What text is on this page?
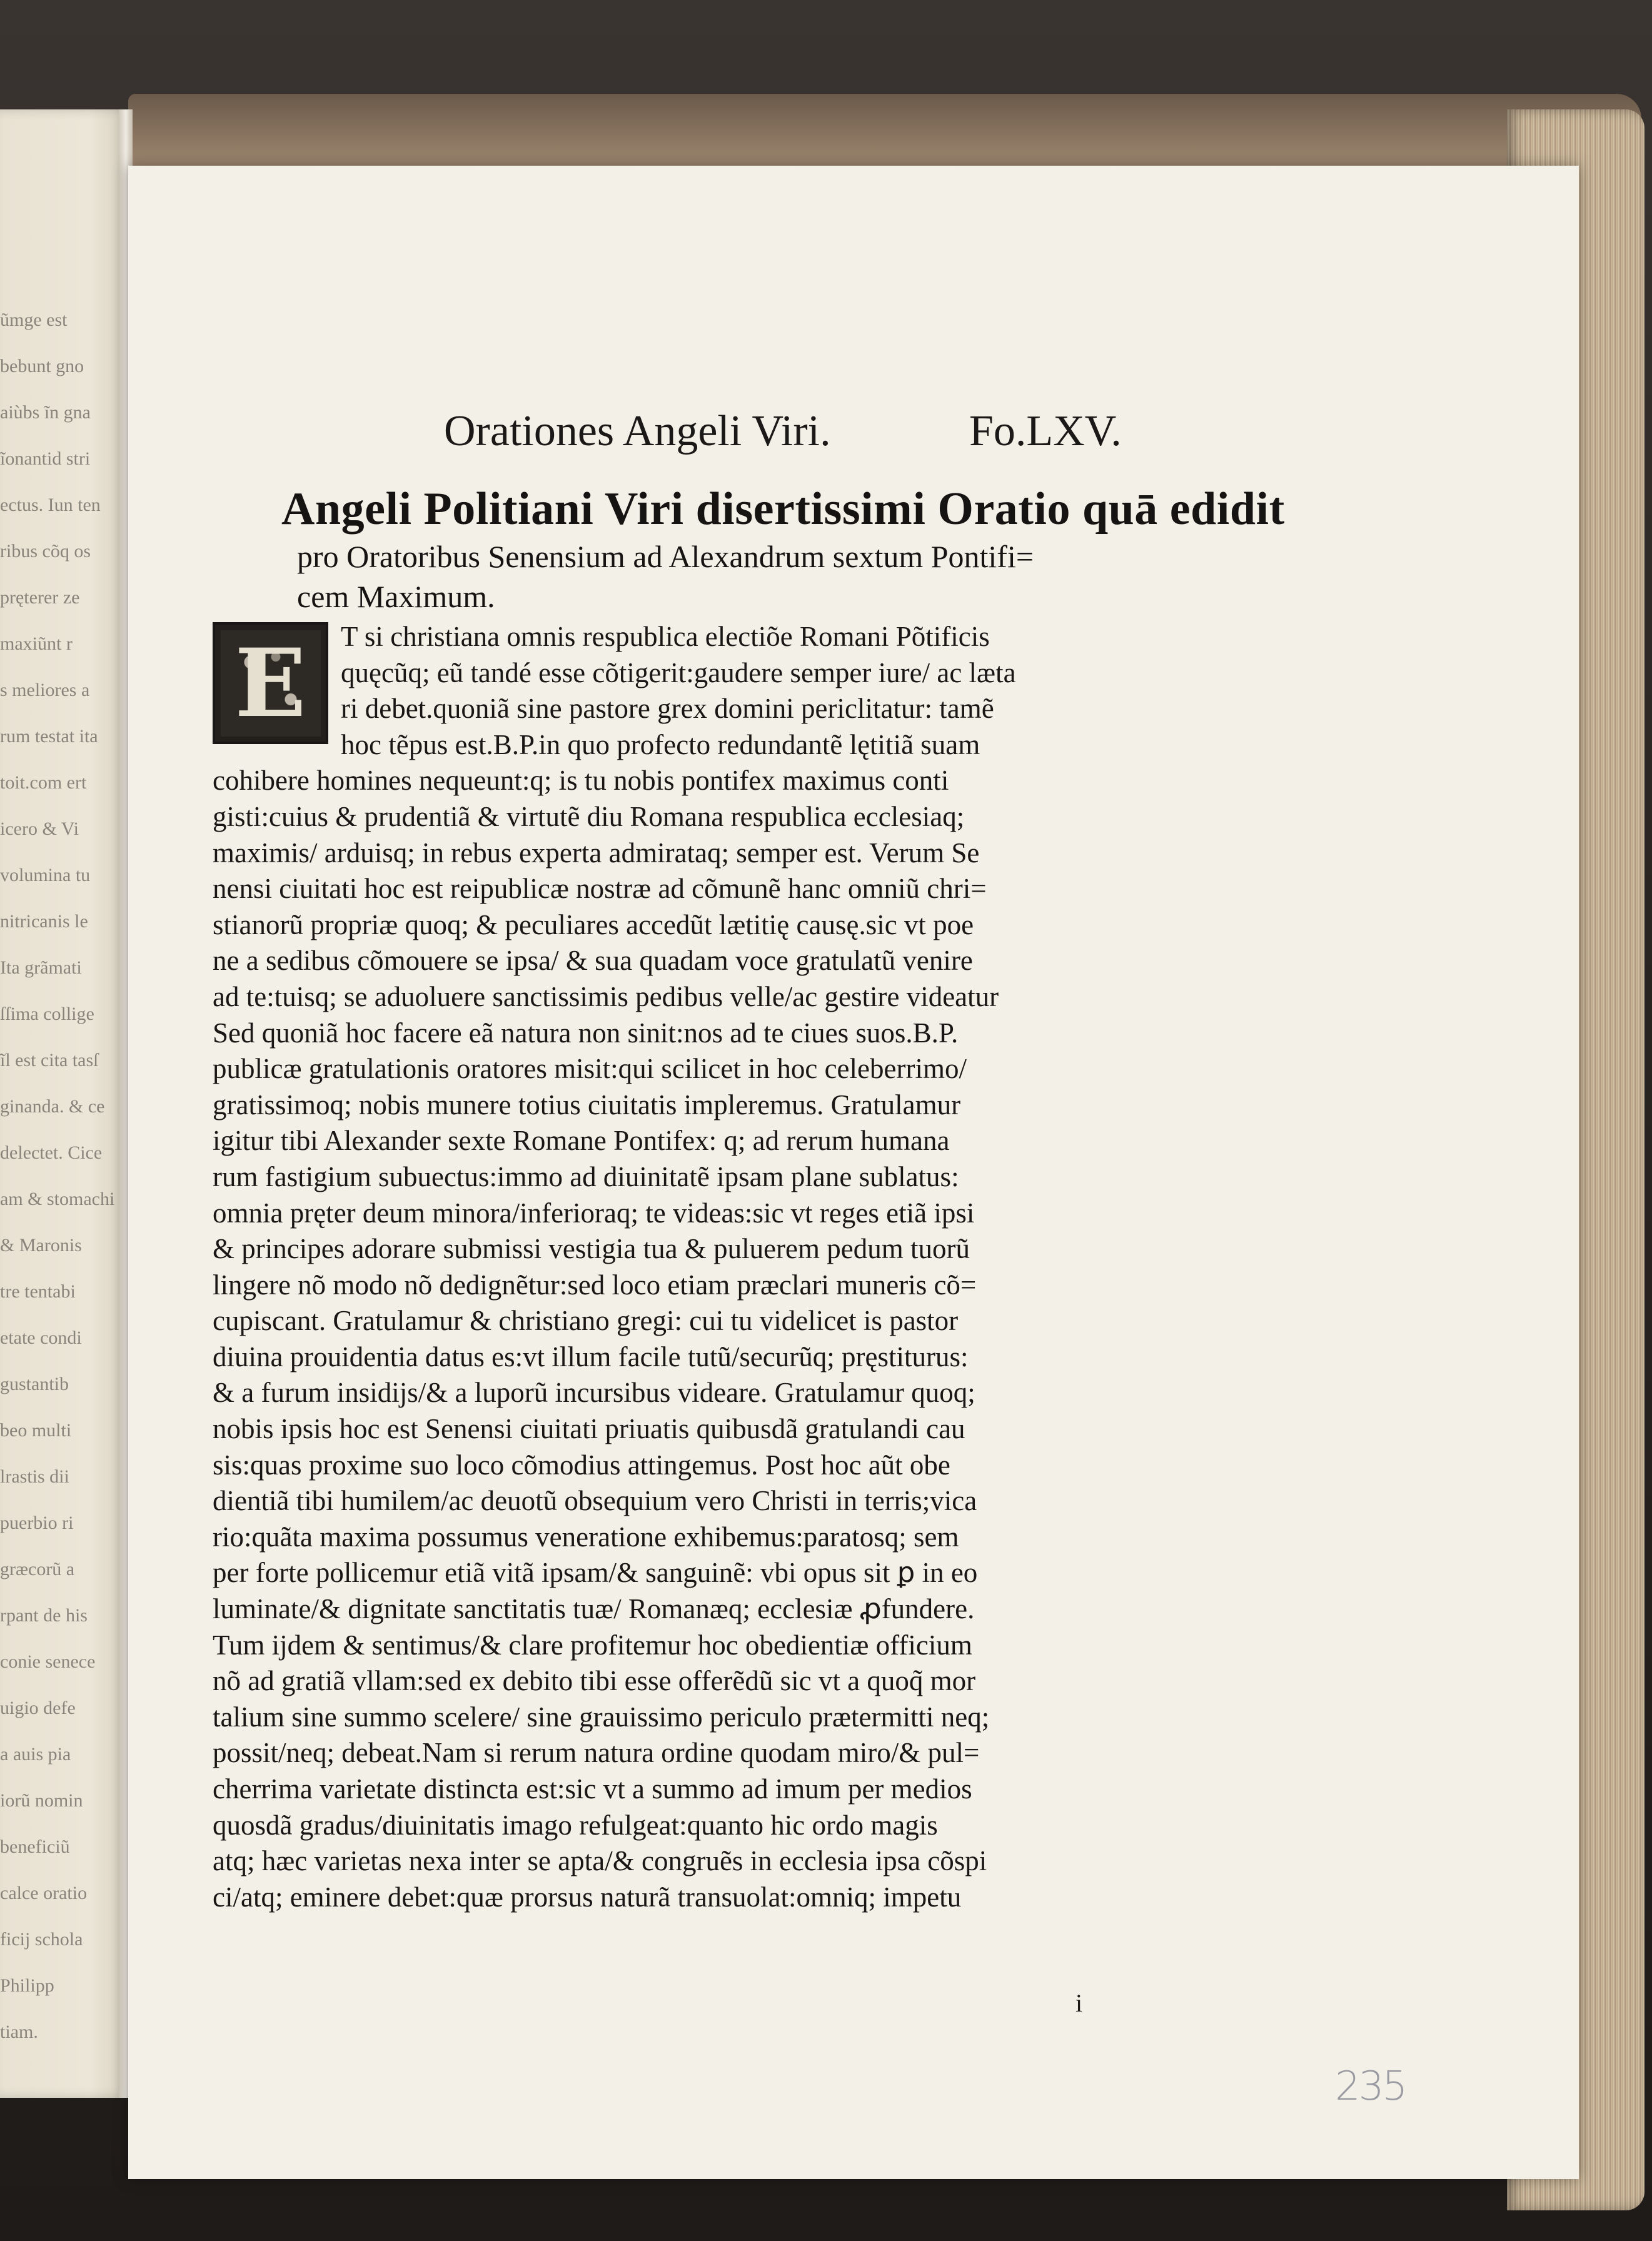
ũmge est
bebunt gno
aiùbs ĩn gna
ĩonantid stri
ectus. Iun ten
ribus cõq os
pręterer ze
maxiũnt r
s meliores a
rum testat ita
toit.com ert
icero & Vi
volumina tu
nitricanis le
Ita grãmati
ſſima collige
ĩl est cita tasſ
ginanda. & ce
delectet. Cice
am & stomachi
& Maronis
tre tentabi
etate condi
gustantib
beo multi
lrastis dii
puerbio ri
græcorũ a
rpant de his
conie senece
uigio defe
a auis pia
iorũ nomin
beneficiũ
calce oratio
ficij schola
Philipp
tiam.
Orationes Angeli Viri.	Fo.LXV.
Angeli Politiani Viri disertissimi Oratio quā edidit
pro Oratoribus Senensium ad Alexandrum sextum Pontifi=
cem Maximum.
E	T si christiana omnis respublica electiõe Romani Põtificis
quęcũq; eũ tandé esse cõtigerit:gaudere semper iure/ ac læta
ri debet.quoniã sine pastore grex domini periclitatur: tamẽ
hoc tẽpus est.B.P.in quo profecto redundantẽ lętitiã suam
cohibere homines nequeunt:q; is tu nobis pontifex maximus conti
gisti:cuius & prudentiã & virtutẽ diu Romana respublica ecclesiaq;
maximis/ arduisq; in rebus experta admirataq; semper est. Verum Se
nensi ciuitati hoc est reipublicæ nostræ ad cõmunẽ hanc omniũ chri=
stianorũ propriæ quoq; & peculiares accedũt lætitię causę.sic vt poe
ne a sedibus cõmouere se ipsa/ & sua quadam voce gratulatũ venire
ad te:tuisq; se aduoluere sanctissimis pedibus velle/ac gestire videatur
Sed quoniã hoc facere eã natura non sinit:nos ad te ciues suos.B.P.
publicæ gratulationis oratores misit:qui scilicet in hoc celeberrimo/
gratissimoq; nobis munere totius ciuitatis impleremus. Gratulamur
igitur tibi Alexander sexte Romane Pontifex: q; ad rerum humana
rum fastigium subuectus:immo ad diuinitatẽ ipsam plane sublatus:
omnia pręter deum minora/inferioraq; te videas:sic vt reges etiã ipsi
& principes adorare submissi vestigia tua & puluerem pedum tuorũ
lingere nõ modo nõ dedignẽtur:sed loco etiam præclari muneris cõ=
cupiscant. Gratulamur & christiano gregi: cui tu videlicet is pastor
diuina prouidentia datus es:vt illum facile tutũ/securũq; pręstiturus:
& a furum insidijs/& a luporũ incursibus videare. Gratulamur quoq;
nobis ipsis hoc est Senensi ciuitati priuatis quibusdã gratulandi cau
sis:quas proxime suo loco cõmodius attingemus. Post hoc aũt obe
dientiã tibi humilem/ac deuotũ obsequium vero Christi in terris;vica
rio:quãta maxima possumus veneratione exhibemus:paratosq; sem
per forte pollicemur etiã vitã ipsam/& sanguinẽ: vbi opus sit ꝑ in eo
luminate/& dignitate sanctitatis tuæ/ Romanæq; ecclesiæ ꝓfundere.
Tum ijdem & sentimus/& clare profitemur hoc obedientiæ officium
nõ ad gratiã vllam:sed ex debito tibi esse offerẽdũ sic vt a quoq̃ mor
talium sine summo scelere/ sine grauissimo periculo prætermitti neq;
possit/neq; debeat.Nam si rerum natura ordine quodam miro/& pul=
cherrima varietate distincta est:sic vt a summo ad imum per medios
quosdã gradus/diuinitatis imago refulgeat:quanto hic ordo magis
atq; hæc varietas nexa inter se apta/& congruẽs in ecclesia ipsa cõspi
ci/atq; eminere debet:quæ prorsus naturã transuolat:omniq; impetu
i
235
